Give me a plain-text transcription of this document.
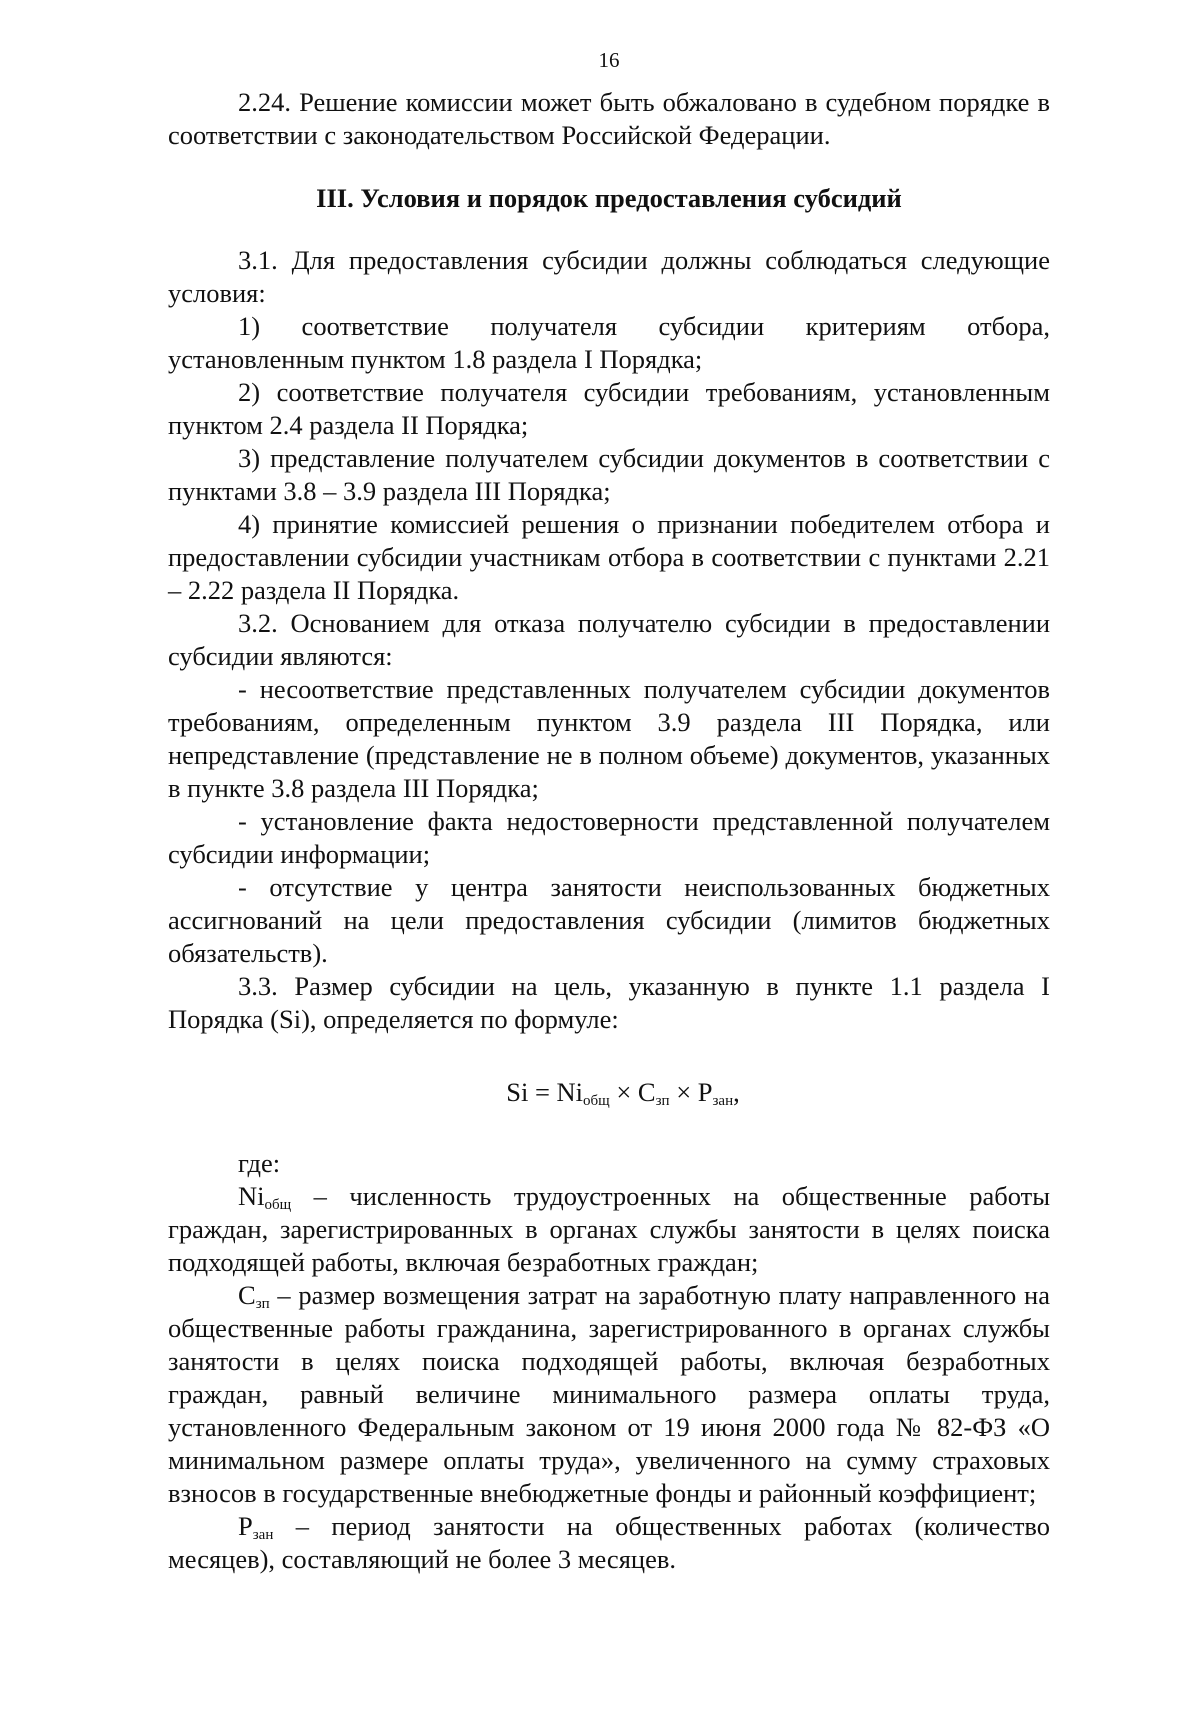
16

2.24. Решение комиссии может быть обжаловано в судебном порядке в соответствии с законодательством Российской Федерации.

III. Условия и порядок предоставления субсидий

3.1. Для предоставления субсидии должны соблюдаться следующие условия:

1) соответствие получателя субсидии критериям отбора, установленным пунктом 1.8 раздела I Порядка;

2) соответствие получателя субсидии требованиям, установленным пунктом 2.4 раздела II Порядка;

3) представление получателем субсидии документов в соответствии с пунктами 3.8 – 3.9 раздела III Порядка;

4) принятие комиссией решения о признании победителем отбора и предоставлении субсидии участникам отбора в соответствии с пунктами 2.21 – 2.22 раздела II Порядка.

3.2. Основанием для отказа получателю субсидии в предоставлении субсидии являются:

- несоответствие представленных получателем субсидии документов требованиям, определенным пунктом 3.9 раздела III Порядка, или непредставление (представление не в полном объеме) документов, указанных в пункте 3.8 раздела III Порядка;

- установление факта недостоверности представленной получателем субсидии информации;

- отсутствие у центра занятости неиспользованных бюджетных ассигнований на цели предоставления субсидии (лимитов бюджетных обязательств).

3.3. Размер субсидии на цель, указанную в пункте 1.1 раздела I Порядка (Si), определяется по формуле:

$Si = Ni_{общ} \times C_{зп} \times P_{зан}$,

где:

$Ni_{общ}$ – численность трудоустроенных на общественные работы граждан, зарегистрированных в органах службы занятости в целях поиска подходящей работы, включая безработных граждан;

$C_{зп}$ – размер возмещения затрат на заработную плату направленного на общественные работы гражданина, зарегистрированного в органах службы занятости в целях поиска подходящей работы, включая безработных граждан, равный величине минимального размера оплаты труда, установленного Федеральным законом от 19 июня 2000 года № 82-ФЗ «О минимальном размере оплаты труда», увеличенного на сумму страховых взносов в государственные внебюджетные фонды и районный коэффициент;

$P_{зан}$ – период занятости на общественных работах (количество месяцев), составляющий не более 3 месяцев.
